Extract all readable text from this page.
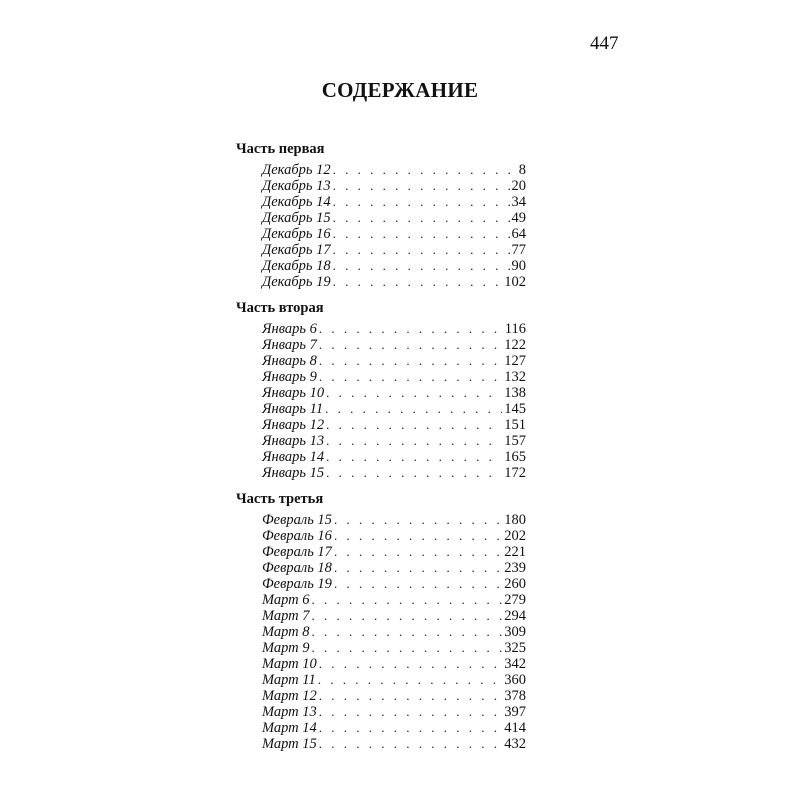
447
СОДЕРЖАНИЕ
Часть первая
Декабрь 12 . . .	8
Декабрь 13 . . .	20
Декабрь 14 . . .	34
Декабрь 15 . . .	49
Декабрь 16 . . .	64
Декабрь 17 . . .	77
Декабрь 18 . . .	90
Декабрь 19 . . .	102
Часть вторая
Январь 6 . . .	116
Январь 7 . . .	122
Январь 8 . . .	127
Январь 9 . . .	132
Январь 10 . . .	138
Январь 11 . . .	145
Январь 12 . . .	151
Январь 13 . . .	157
Январь 14 . . .	165
Январь 15 . . .	172
Часть третья
Февраль 15 . . .	180
Февраль 16 . . .	202
Февраль 17 . . .	221
Февраль 18 . . .	239
Февраль 19 . . .	260
Март 6 . . .	279
Март 7 . . .	294
Март 8 . . .	309
Март 9 . . .	325
Март 10 . . .	342
Март 11 . . .	360
Март 12 . . .	378
Март 13 . . .	397
Март 14 . . .	414
Март 15 . . .	432
